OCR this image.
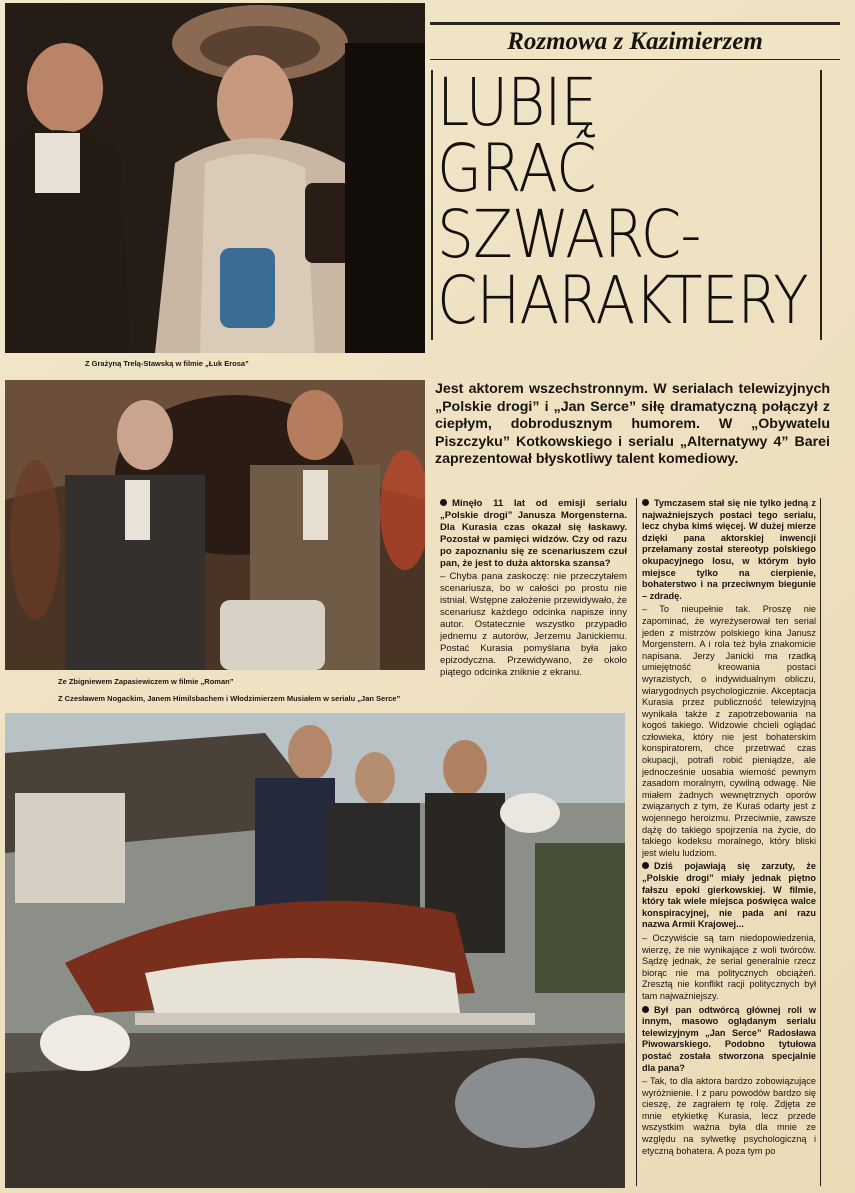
Z Grażyną Trelą-Stawską w filmie „Łuk Erosa”
Ze Zbigniewem Zapasiewiczem w filmie „Roman”
Z Czesławem Nogackim, Janem Himilsbachem i Włodzimierzem Musiałem w serialu „Jan Serce”
Rozmowa z Kazimierzem
LUBIĘ
GRAĆ
SZWARC-
CHARAKTERY
Jest aktorem wszechstronnym. W serialach telewizyjnych „Polskie drogi” i „Jan Serce” siłę dramatyczną połączył z ciepłym, dobrodusznym humorem. W „Obywatelu Piszczyku” Kotkowskiego i serialu „Alternatywy 4” Barei zaprezentował błyskotliwy talent komediowy.

Minęło 11 lat od emisji serialu „Polskie drogi” Janusza Morgensterna. Dla Kurasia czas okazał się łaskawy. Pozostał w pamięci widzów. Czy od razu po zapoznaniu się ze scenariuszem czuł pan, że jest to duża aktorska szansa?

– Chyba pana zaskoczę: nie przeczytałem scenariusza, bo w całości po prostu nie istniał. Wstępne założenie przewidywało, że scenariusz każdego odcinka napisze inny autor. Ostatecznie wszystko przypadło jednemu z autorów, Jerzemu Janickiemu. Postać Kurasia pomyślana była jako epizodyczna. Przewidywano, że około piątego odcinka zniknie z ekranu.

Tymczasem stał się nie tylko jedną z najważniejszych postaci tego serialu, lecz chyba kimś więcej. W dużej mierze dzięki pana aktorskiej inwencji przełamany został stereotyp polskiego okupacyjnego losu, w którym było miejsce tylko na cierpienie, bohaterstwo i na przeciwnym biegunie – zdradę.

– To nieupełnie tak. Proszę nie zapominać, że wyreżyserował ten serial jeden z mistrzów polskiego kina Janusz Morgenstern. A i rola też była znakomicie napisana. Jerzy Janicki ma rzadką umiejętność kreowania postaci wyrazistych, o indywidualnym obliczu, wiarygodnych psychologicznie. Akceptacja Kurasia przez publiczność telewizyjną wynikała także z zapotrzebowania na kogoś takiego. Widzowie chcieli oglądać człowieka, który nie jest bohaterskim konspiratorem, chce przetrwać czas okupacji, potrafi robić pieniądze, ale jednocześnie uosabia wierność pewnym zasadom moralnym, cywilną odwagę. Nie miałem żadnych wewnętrznych oporów związanych z tym, że Kuraś odarty jest z wojennego heroizmu. Przeciwnie, zawsze dążę do takiego spojrzenia na życie, do takiego kodeksu moralnego, który bliski jest wielu ludziom.

Dziś pojawiają się zarzuty, że „Polskie drogi” miały jednak piętno fałszu epoki gierkowskiej. W filmie, który tak wiele miejsca poświęca walce konspiracyjnej, nie pada ani razu nazwa Armii Krajowej...

– Oczywiście są tam niedopowiedzenia, wierzę, że nie wynikające z woli twórców. Sądzę jednak, że serial generalnie rzecz biorąc nie ma politycznych obciążeń. Zresztą nie konflikt racji politycznych był tam najważniejszy.

Był pan odtwórcą głównej roli w innym, masowo oglądanym serialu telewizyjnym „Jan Serce” Radosława Piwowarskiego. Podobno tytułowa postać została stworzona specjalnie dla pana?

– Tak, to dla aktora bardzo zobowiązujące wyróżnienie. I z paru powodów bardzo się cieszę, że zagrałem tę rolę. Zdjęta ze mnie etykietkę Kurasia, lecz przede wszystkim ważna była dla mnie ze względu na sylwetkę psychologiczną i etyczną bohatera. A poza tym po
